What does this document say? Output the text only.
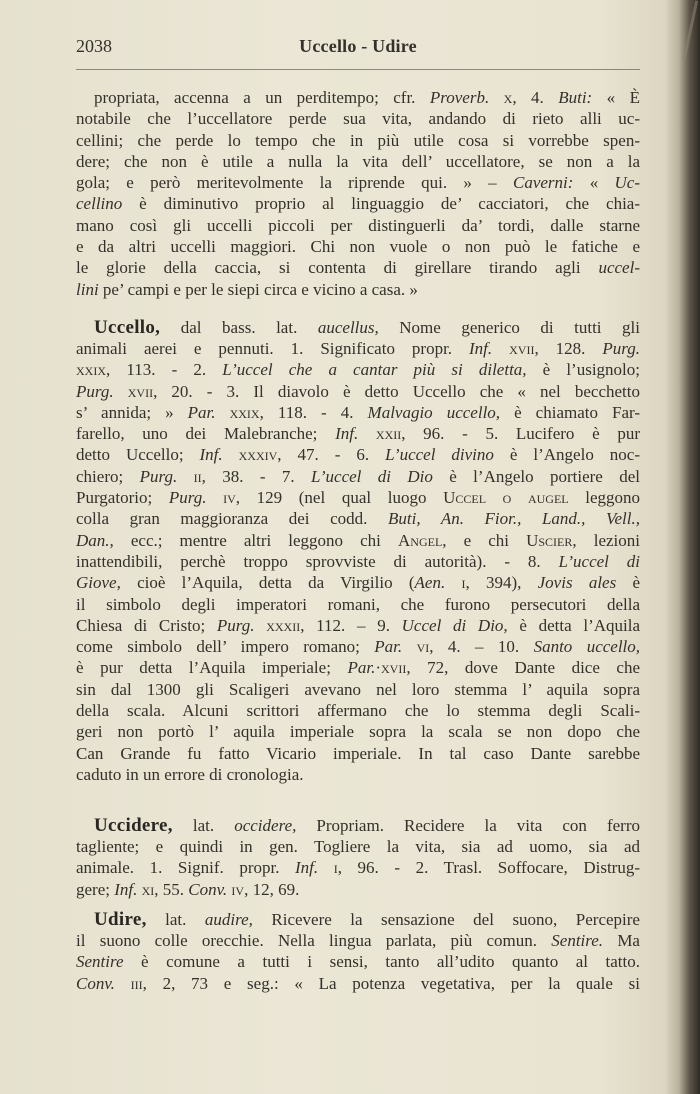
2038	Uccello - Udire
propriata, accenna a un perditempo; cfr. Proverb. x, 4. Buti: « È
notabile che l’uccellatore perde sua vita, andando di rieto alli uc-
cellini; che perde lo tempo che in più utile cosa si vorrebbe spen-
dere; che non è utile a nulla la vita dell’ uccellatore, se non a la
gola; e però meritevolmente la riprende qui. » – Caverni: « Uc-
cellino è diminutivo proprio al linguaggio de’ cacciatori, che chia-
mano così gli uccelli piccoli per distinguerli da’ tordi, dalle starne
e da altri uccelli maggiori. Chi non vuole o non può le fatiche e
le glorie della caccia, si contenta di girellare tirando agli uccel-
lini pe’ campi e per le siepi circa e vicino a casa. »
Uccello, dal bass. lat. aucellus, Nome generico di tutti gli
animali aerei e pennuti. 1. Significato propr. Inf. xvii, 128. Purg.
xxix, 113. - 2. L’uccel che a cantar più si diletta, è l’usignolo;
Purg. xvii, 20. - 3. Il diavolo è detto Uccello che « nel becchetto
s’ annida; » Par. xxix, 118. - 4. Malvagio uccello, è chiamato Far-
farello, uno dei Malebranche; Inf. xxii, 96. - 5. Lucifero è pur
detto Uccello; Inf. xxxiv, 47. - 6. L’uccel divino è l’Angelo noc-
chiero; Purg. ii, 38. - 7. L’uccel di Dio è l’Angelo portiere del
Purgatorio; Purg. iv, 129 (nel qual luogo Uccel o augel leggono
colla gran maggioranza dei codd. Buti, An. Fior., Land., Vell.,
Dan., ecc.; mentre altri leggono chi Angel, e chi Uscier, lezioni
inattendibili, perchè troppo sprovviste di autorità). - 8. L’uccel di
Giove, cioè l’Aquila, detta da Virgilio (Aen. i, 394), Jovis ales è
il simbolo degli imperatori romani, che furono persecutori della
Chiesa di Cristo; Purg. xxxii, 112. – 9. Uccel di Dio, è detta l’Aquila
come simbolo dell’ impero romano; Par. vi, 4. – 10. Santo uccello,
è pur detta l’Aquila imperiale; Par.·xvii, 72, dove Dante dice che
sin dal 1300 gli Scaligeri avevano nel loro stemma l’ aquila sopra
della scala. Alcuni scrittori affermano che lo stemma degli Scali-
geri non portò l’ aquila imperiale sopra la scala se non dopo che
Can Grande fu fatto Vicario imperiale. In tal caso Dante sarebbe
caduto in un errore di cronologia.
Uccidere, lat. occidere, Propriam. Recidere la vita con ferro
tagliente; e quindi in gen. Togliere la vita, sia ad uomo, sia ad
animale. 1. Signif. propr. Inf. i, 96. - 2. Trasl. Soffocare, Distrug-
gere; Inf. xi, 55. Conv. iv, 12, 69.
Udire, lat. audire, Ricevere la sensazione del suono, Percepire
il suono colle orecchie. Nella lingua parlata, più comun. Sentire. Ma
Sentire è comune a tutti i sensi, tanto all’udito quanto al tatto.
Conv. iii, 2, 73 e seg.: « La potenza vegetativa, per la quale si
